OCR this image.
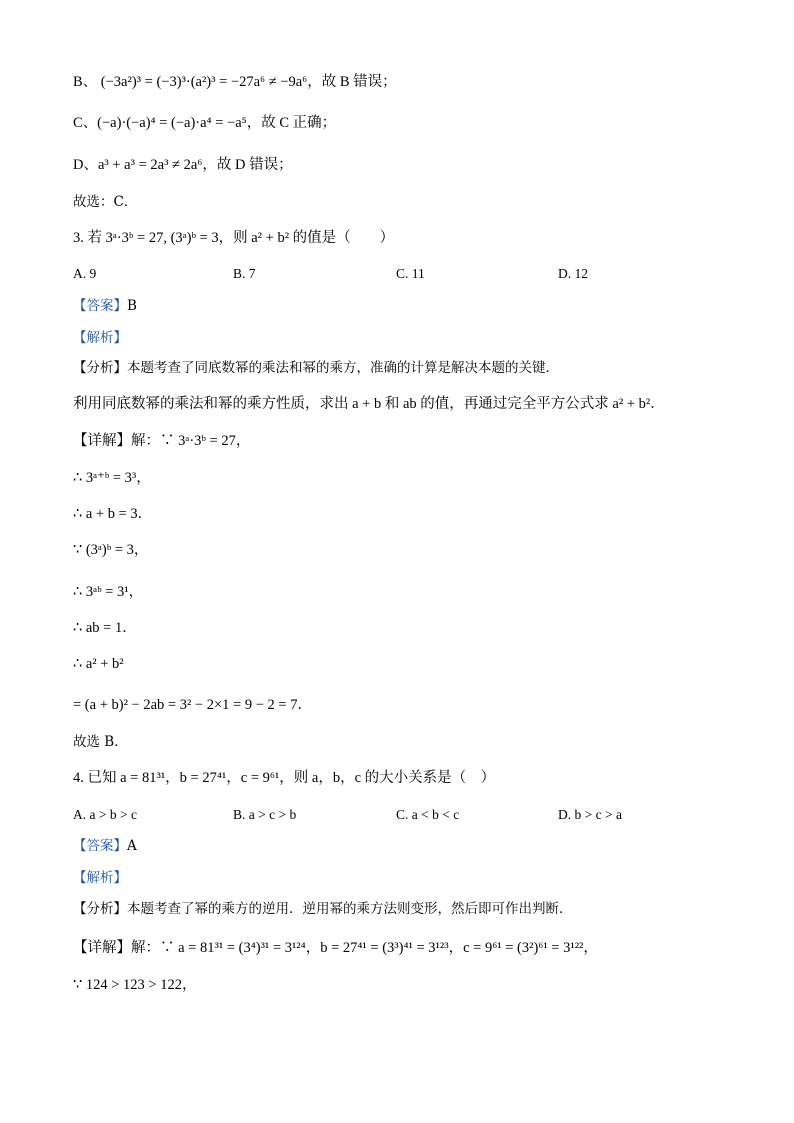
B、 (−3a²)³ = (−3)³·(a²)³ = −27a⁶ ≠ −9a⁶，故 B 错误；
C、(−a)·(−a)⁴ = (−a)·a⁴ = −a⁵，故 C 正确；
D、a³ + a³ = 2a³ ≠ 2a⁶，故 D 错误；
故选：C．
3. 若 3ᵃ·3ᵇ = 27, (3ᵃ)ᵇ = 3，则 a² + b² 的值是（　　）
A. 9	B. 7	C. 11	D. 12
【答案】B
【解析】
【分析】本题考查了同底数幂的乘法和幂的乘方，准确的计算是解决本题的关键．
利用同底数幂的乘法和幂的乘方性质，求出 a + b 和 ab 的值，再通过完全平方公式求 a² + b²．
【详解】解：∵ 3ᵃ·3ᵇ = 27，
∴ 3ᵃ⁺ᵇ = 3³，
∴ a + b = 3．
∵ (3ᵃ)ᵇ = 3，
∴ 3ᵃᵇ = 3¹，
∴ ab = 1．
∴ a² + b²
= (a + b)² − 2ab = 3² − 2×1 = 9 − 2 = 7．
故选 B．
4. 已知 a = 81³¹，b = 27⁴¹，c = 9⁶¹，则 a，b，c 的大小关系是（　）
A. a > b > c	B. a > c > b	C. a < b < c	D. b > c > a
【答案】A
【解析】
【分析】本题考查了幂的乘方的逆用．逆用幂的乘方法则变形，然后即可作出判断．
【详解】解：∵ a = 81³¹ = (3⁴)³¹ = 3¹²⁴，b = 27⁴¹ = (3³)⁴¹ = 3¹²³，c = 9⁶¹ = (3²)⁶¹ = 3¹²²，
∵ 124 > 123 > 122，
